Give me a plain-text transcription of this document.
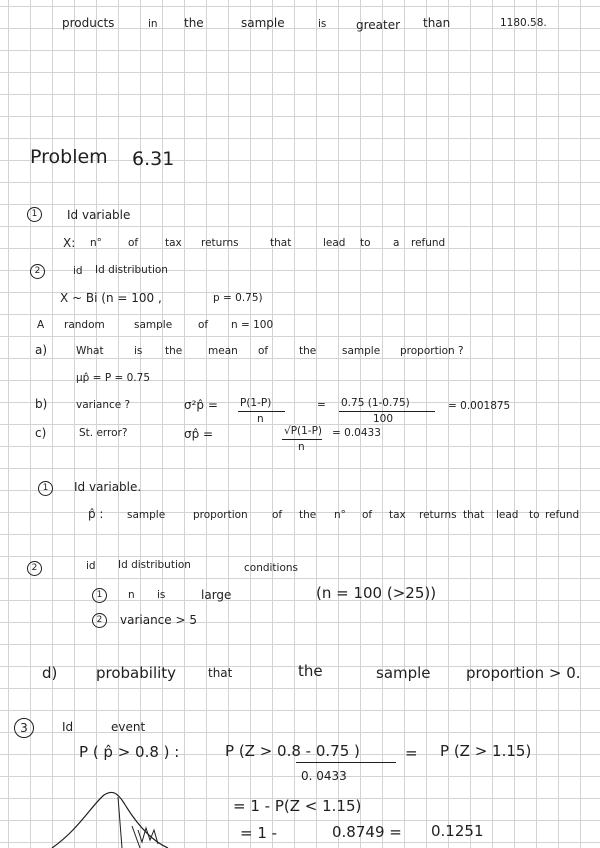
products	in the	sample	is greater than	1180.58.
Problem 6.31
1	Id variable
X: n° of	tax returns	that	lead to a refund
2	id Id distribution
X ~ Bi (n = 100 ,	p = 0.75)
A random	sample of n = 100
a)	What	is the mean of	the sample proportion ?
μp̂ = P = 0.75
b)	variance ?	σ²p̂ = P(1-P)
n
= 0.75 (1-0.75)
100
= 0.001875
c)	St. error?	σp̂ =	√P(1-P)
n
= 0.0433
1	Id variable.
p̂ : sample	proportion of the n° of tax returns that lead to refund
2	id Id distribution	conditions
1	n is	large	(n = 100 (>25))
2	variance > 5
d)	probability	that	the	sample proportion > 0.
3	Id	event
P ( p̂ > 0.8 ) :	P (Z > 0.8 - 0.75 )
0. 0433
= P (Z > 1.15)
= 1 - P(Z < 1.15)
= 1 -	0.8749 = 0.1251
